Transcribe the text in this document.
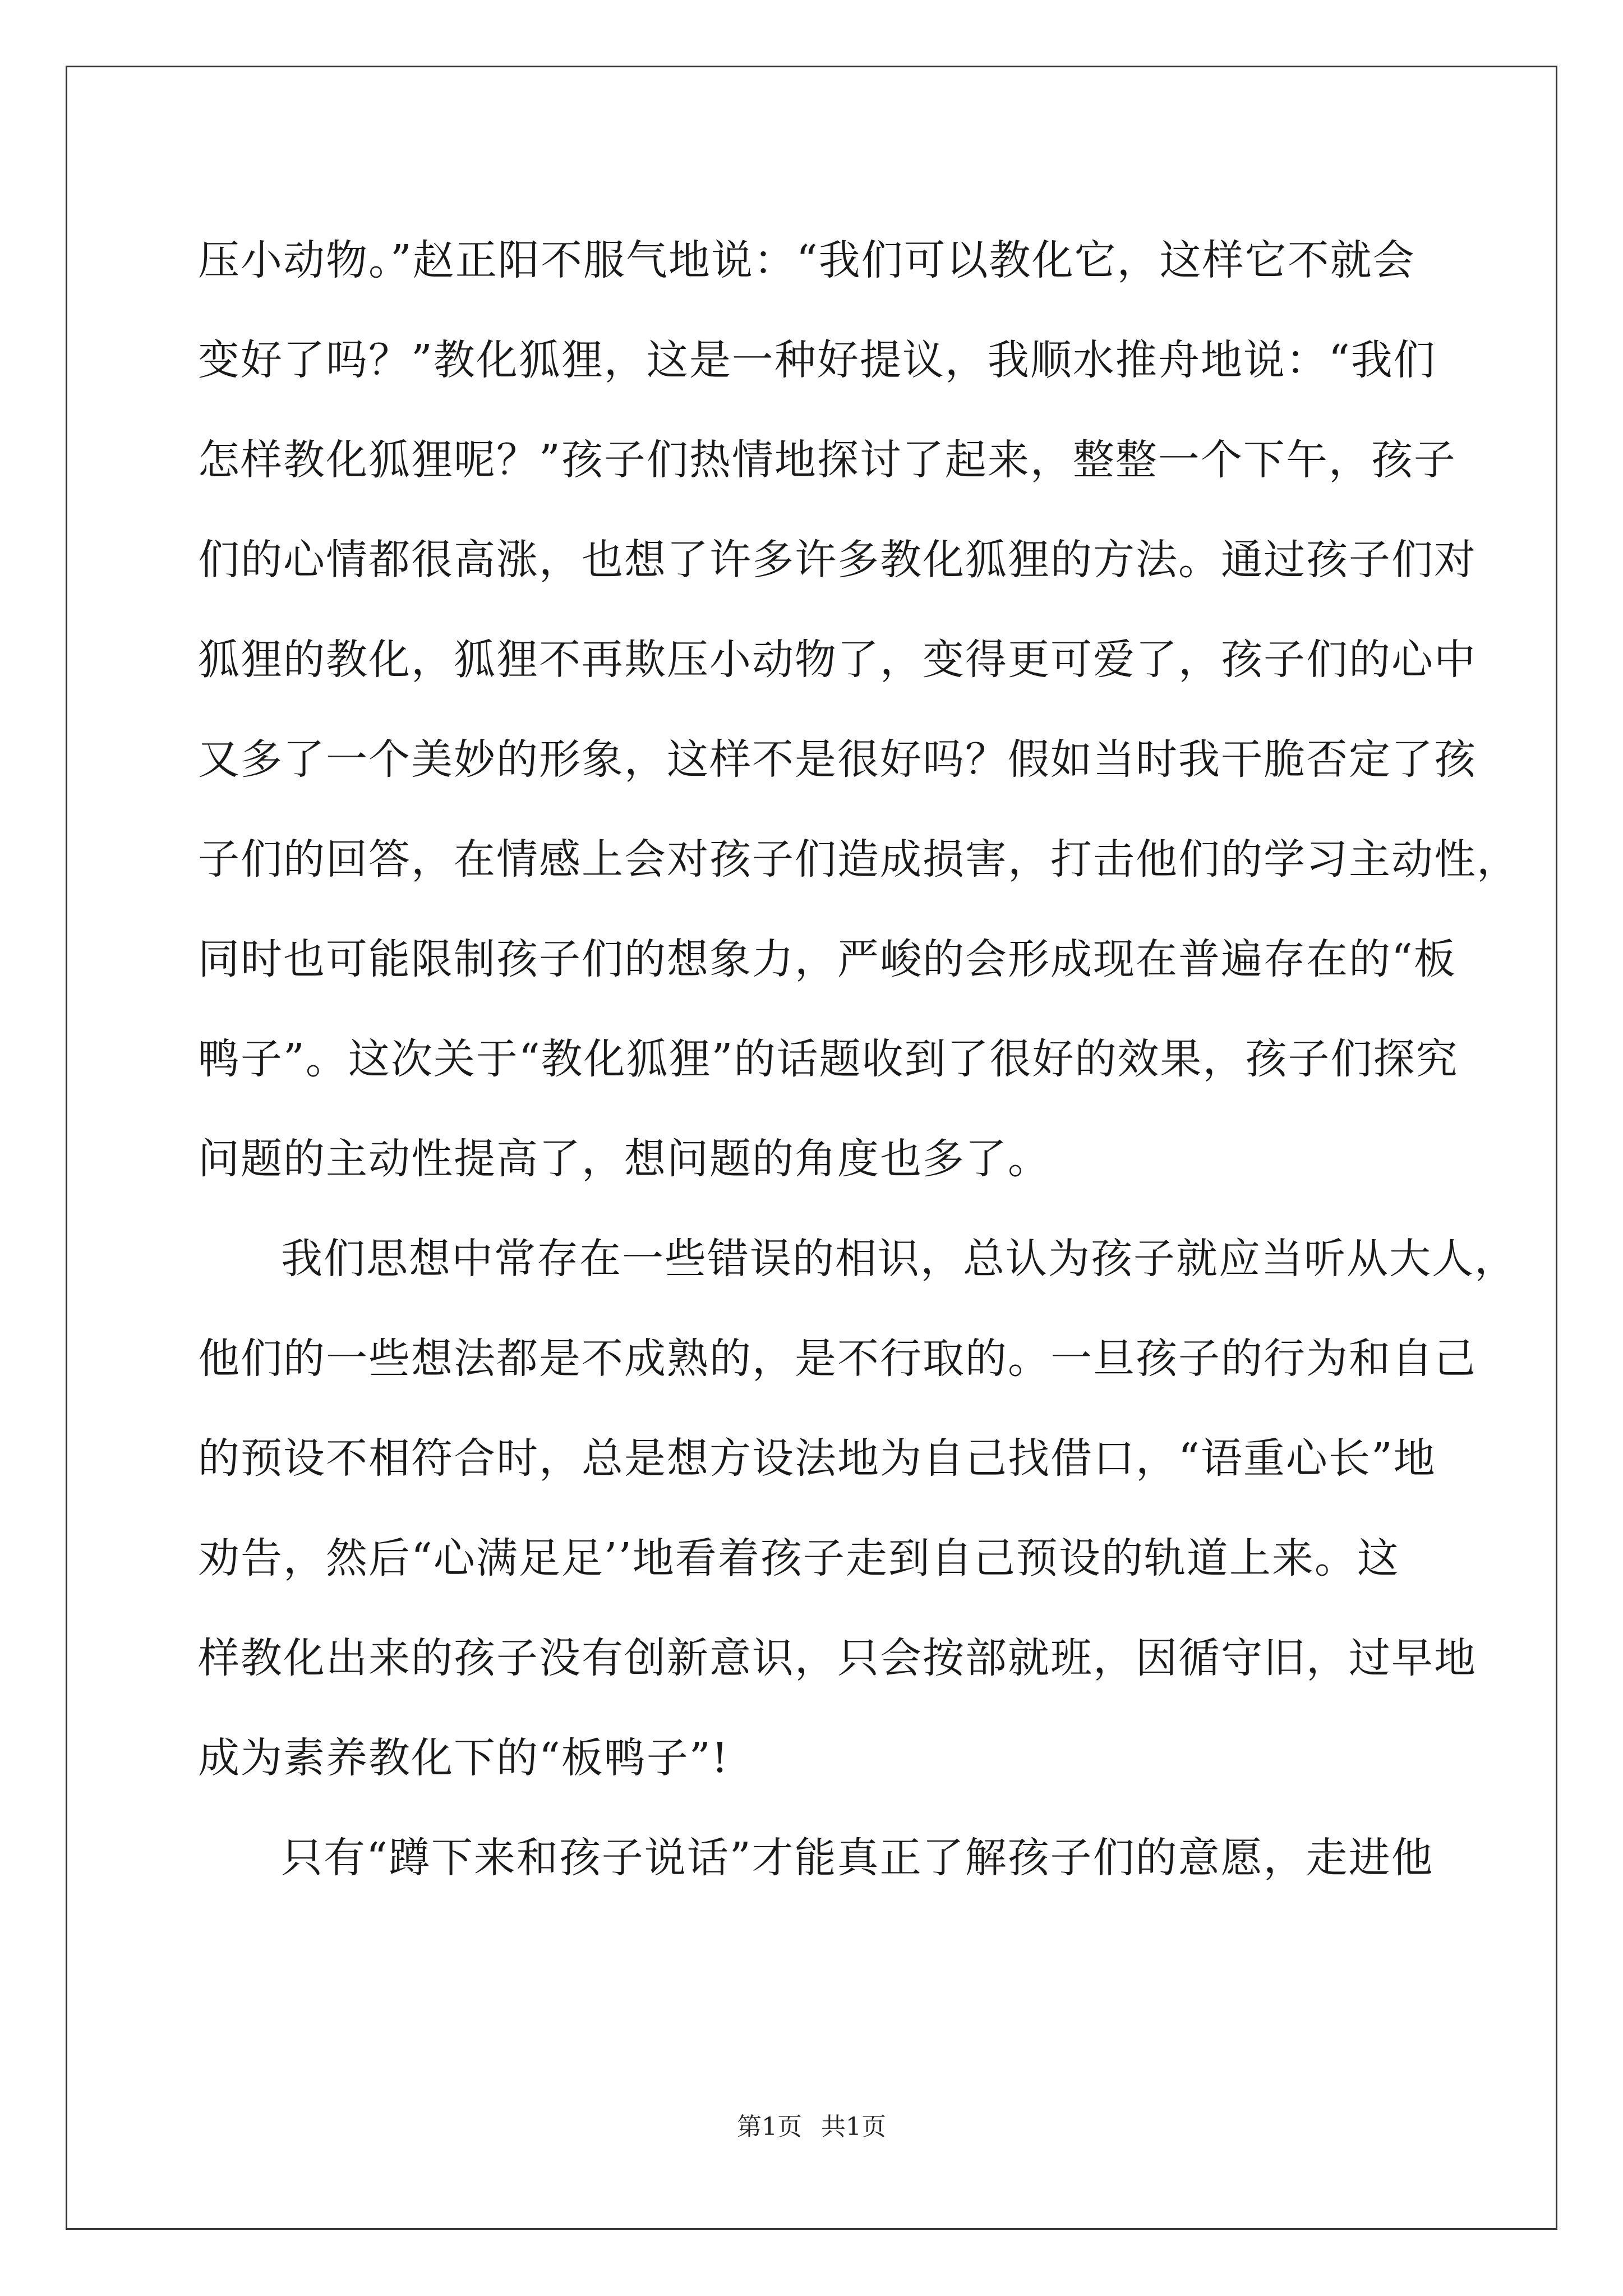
压小动物。”赵正阳不服气地说：“我们可以教化它，这样它不就会
变好了吗？”教化狐狸，这是一种好提议，我顺水推舟地说：“我们
怎样教化狐狸呢？”孩子们热情地探讨了起来，整整一个下午，孩子
们的心情都很高涨，也想了许多许多教化狐狸的方法。通过孩子们对
狐狸的教化，狐狸不再欺压小动物了，变得更可爱了，孩子们的心中
又多了一个美妙的形象，这样不是很好吗？假如当时我干脆否定了孩
子们的回答，在情感上会对孩子们造成损害，打击他们的学习主动性，
同时也可能限制孩子们的想象力，严峻的会形成现在普遍存在的“板
鸭子”。这次关于“教化狐狸”的话题收到了很好的效果，孩子们探究
问题的主动性提高了，想问题的角度也多了。
我们思想中常存在一些错误的相识，总认为孩子就应当听从大人，
他们的一些想法都是不成熟的，是不行取的。一旦孩子的行为和自己
的预设不相符合时，总是想方设法地为自己找借口，“语重心长”地
劝告，然后“心满足足’’地看着孩子走到自己预设的轨道上来。这
样教化出来的孩子没有创新意识，只会按部就班，因循守旧，过早地
成为素养教化下的“板鸭子”!
只有“蹲下来和孩子说话”才能真正了解孩子们的意愿，走进他
第1页 共1页
